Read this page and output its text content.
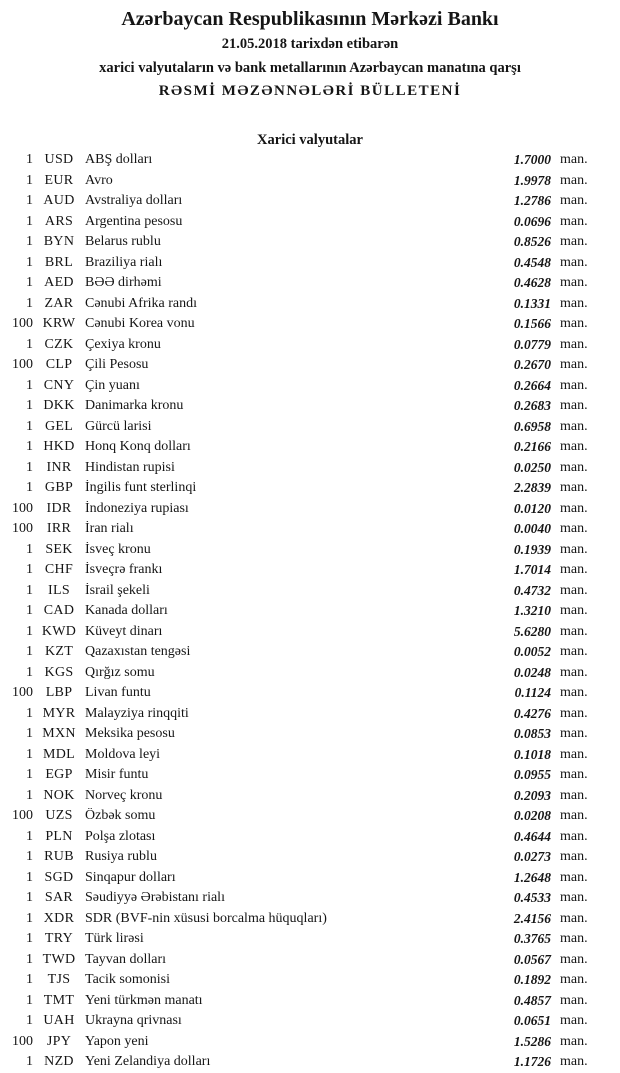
Azərbaycan Respublikasının Mərkəzi Bankı
21.05.2018 tarixdən etibarən
xarici valyutaların və bank metallarının Azərbaycan manatına qarşı
RƏSMİ MƏZƏNNƏLƏRİ BÜLLETENİ
Xarici valyutalar
1 USD ABŞ dolları	1.7000 man.
1 EUR Avro	1.9978 man.
1 AUD Avstraliya dolları	1.2786 man.
1 ARS Argentina pesosu	0.0696 man.
1 BYN Belarus rublu	0.8526 man.
1 BRL Braziliya rialı	0.4548 man.
1 AED BƏƏ dirhəmi	0.4628 man.
1 ZAR Cənubi Afrika randı	0.1331 man.
100 KRW Cənubi Korea vonu	0.1566 man.
1 CZK Çexiya kronu	0.0779 man.
100 CLP Çili Pesosu	0.2670 man.
1 CNY Çin yuanı	0.2664 man.
1 DKK Danimarka kronu	0.2683 man.
1 GEL Gürcü larisi	0.6958 man.
1 HKD Honq Konq dolları	0.2166 man.
1 INR Hindistan rupisi	0.0250 man.
1 GBP İngilis funt sterlinqi	2.2839 man.
100 IDR İndoneziya rupiası	0.0120 man.
100 IRR İran rialı	0.0040 man.
1 SEK İsveç kronu	0.1939 man.
1 CHF İsveçrə frankı	1.7014 man.
1	ILS	İsrail şekeli	0.4732 man.
1 CAD Kanada dolları	1.3210 man.
1 KWD Küveyt dinarı	5.6280 man.
1 KZT Qazaxıstan tengəsi	0.0052 man.
1 KGS Qırğız somu	0.0248 man.
100 LBP Livan funtu	0.1124 man.
1 MYR Malayziya rinqqiti	0.4276 man.
1 MXN Meksika pesosu	0.0853 man.
1 MDL Moldova leyi	0.1018 man.
1 EGP Misir funtu	0.0955 man.
1 NOK Norveç kronu	0.2093 man.
100 UZS Özbək somu	0.0208 man.
1 PLN Polşa zlotası	0.4644 man.
1 RUB Rusiya rublu	0.0273 man.
1 SGD Sinqapur dolları	1.2648 man.
1 SAR Səudiyyə Ərəbistanı rialı	0.4533 man.
1 XDR SDR (BVF-nin xüsusi borcalma hüquqları)	2.4156 man.
1 TRY Türk lirəsi	0.3765 man.
1 TWD Tayvan dolları	0.0567 man.
1	TJS	Tacik somonisi	0.1892 man.
1 TMT Yeni türkmən manatı	0.4857 man.
1 UAH Ukrayna qrivnası	0.0651 man.
100 JPY Yapon yeni	1.5286 man.
1 NZD Yeni Zelandiya dolları	1.1726 man.
